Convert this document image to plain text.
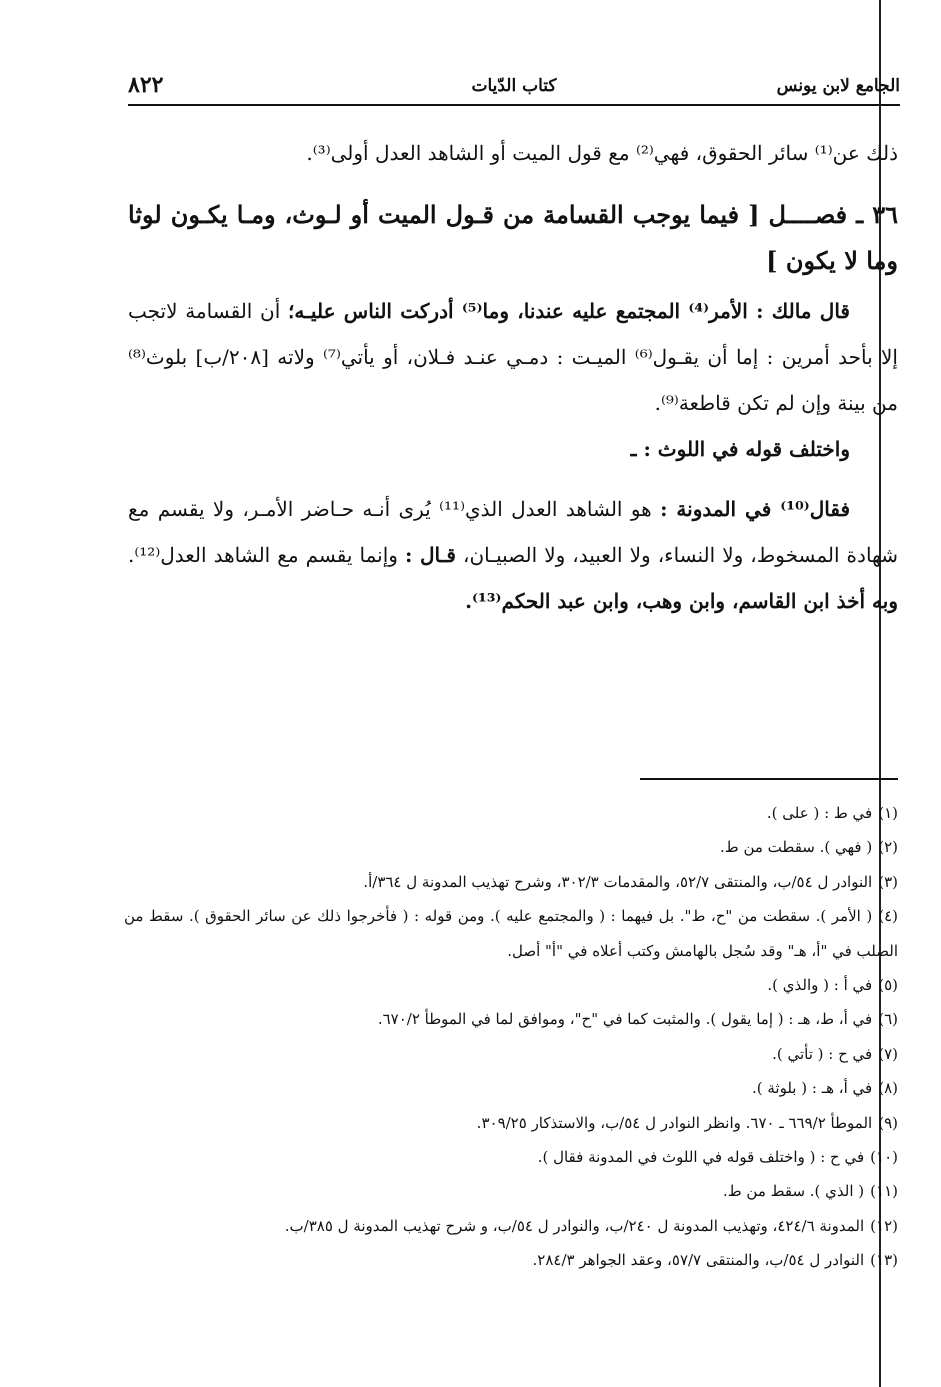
الجامع لابن يونس
كتاب الدّيات
٨٢٢

ذلك عن⁽¹⁾ سائر الحقوق، فهي⁽²⁾ مع قول الميت أو الشاهد العدل أولى⁽³⁾.

٣٦ ـ فصــــل [ فيما يوجب القسامة من قـول الميت أو لـوث، ومـا يكـون لوثا وما لا يكون ]

قال مالك : الأمر⁽⁴⁾ المجتمع عليه عندنا، وما⁽⁵⁾ أدركت الناس عليـه؛ أن القسامة لاتجب إلا بأحد أمرين : إما أن يقـول⁽⁶⁾ الميـت : دمـي عنـد فـلان، أو يأتي⁽⁷⁾ ولاته [٢٠٨/ب] بلوث⁽⁸⁾ من بينة وإن لم تكن قاطعة⁽⁹⁾.

واختلف قوله في اللوث : ـ

فقال⁽¹⁰⁾ في المدونة : هو الشاهد العدل الذي⁽¹¹⁾ يُرى أنـه حـاضر الأمـر، ولا يقسم مع شهادة المسخوط، ولا النساء، ولا العبيد، ولا الصبيـان، قـال : وإنما يقسم مع الشاهد العدل⁽¹²⁾. وبه أخذ ابن القاسم، وابن وهب، وابن عبد الحكم⁽¹³⁾.

(١)في ط : ( على ).
(٢)( فهي ). سقطت من ط.
(٣)النوادر ل ٥٤/ب، والمنتقى ٥٢/٧، والمقدمات ٣٠٢/٣، وشرح تهذيب المدونة ل ٣٦٤/أ.
(٤)( الأمر ). سقطت من "ح، ط". بل فيهما : ( والمجتمع عليه ). ومن قوله : ( فأخرجوا ذلك عن سائر الحقوق ). سقط من الصلب في "أ، هـ" وقد سُجل بالهامش وكتب أعلاه في "أ" أصل.
(٥)في أ : ( والذي ).
(٦)في أ، ط، هـ : ( إما يقول ). والمثبت كما في "ح"، وموافق لما في الموطأ ٦٧٠/٢.
(٧)في ح : ( تأتي ).
(٨)في أ، هـ : ( بلوثة ).
(٩)الموطأ ٦٦٩/٢ ـ ٦٧٠. وانظر النوادر ل ٥٤/ب، والاستذكار ٣٠٩/٢٥.
(١٠)في ح : ( واختلف قوله في اللوث في المدونة فقال ).
(١١)( الذي ). سقط من ط.
(١٢)المدونة ٤٢٤/٦، وتهذيب المدونة ل ٢٤٠/ب، والنوادر ل ٥٤/ب، و شرح تهذيب المدونة ل ٣٨٥/ب.
(١٣)النوادر ل ٥٤/ب، والمنتقى ٥٧/٧، وعقد الجواهر ٢٨٤/٣.
